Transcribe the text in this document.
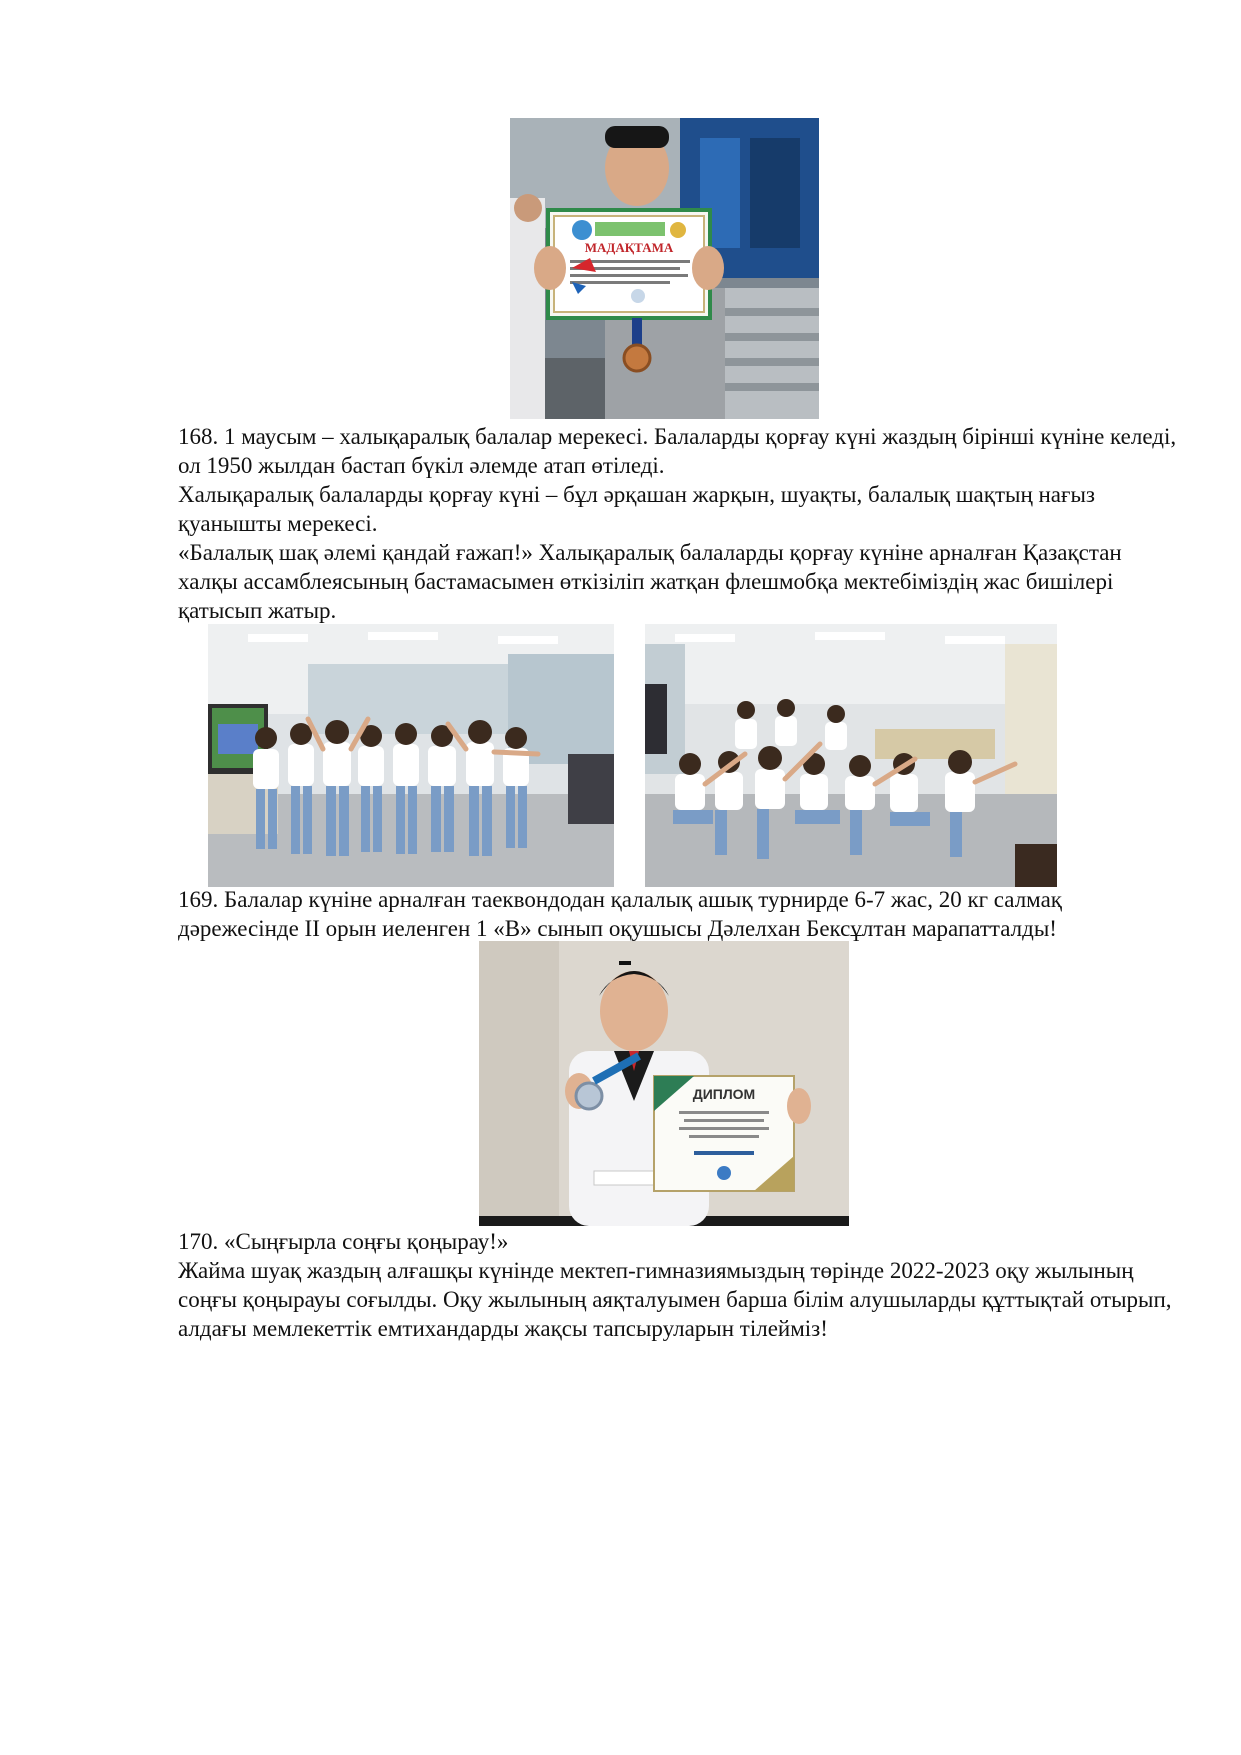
МАДАҚТАМА

168. 1 маусым – халықаралық балалар мерекесі. Балаларды қорғау күні жаздың бірінші күніне келеді, ол 1950 жылдан бастап бүкіл әлемде атап өтіледі.

Халықаралық балаларды қорғау күні – бұл әрқашан жарқын, шуақты, балалық шақтың нағыз қуанышты мерекесі.

«Балалық шақ әлемі қандай ғажап!» Халықаралық балаларды қорғау күніне арналған Қазақстан халқы ассамблеясының бастамасымен өткізіліп жатқан флешмобқа мектебіміздің жас бишілері қатысып жатыр.

169. Балалар күніне арналған таеквондодан қалалық ашық турнирде 6-7 жас, 20 кг салмақ дәрежесінде II орын иеленген 1 «В» сынып оқушысы Дәлелхан Бексұлтан марапатталды!

ДИПЛОМ

170. «Сыңғырла соңғы қоңырау!»

Жайма шуақ жаздың алғашқы күнінде мектеп-гимназиямыздың төрінде 2022-2023 оқу жылының соңғы қоңырауы соғылды. Оқу жылының аяқталуымен барша білім алушыларды құттықтай отырып, алдағы мемлекеттік емтихандарды жақсы тапсыруларын тілейміз!
